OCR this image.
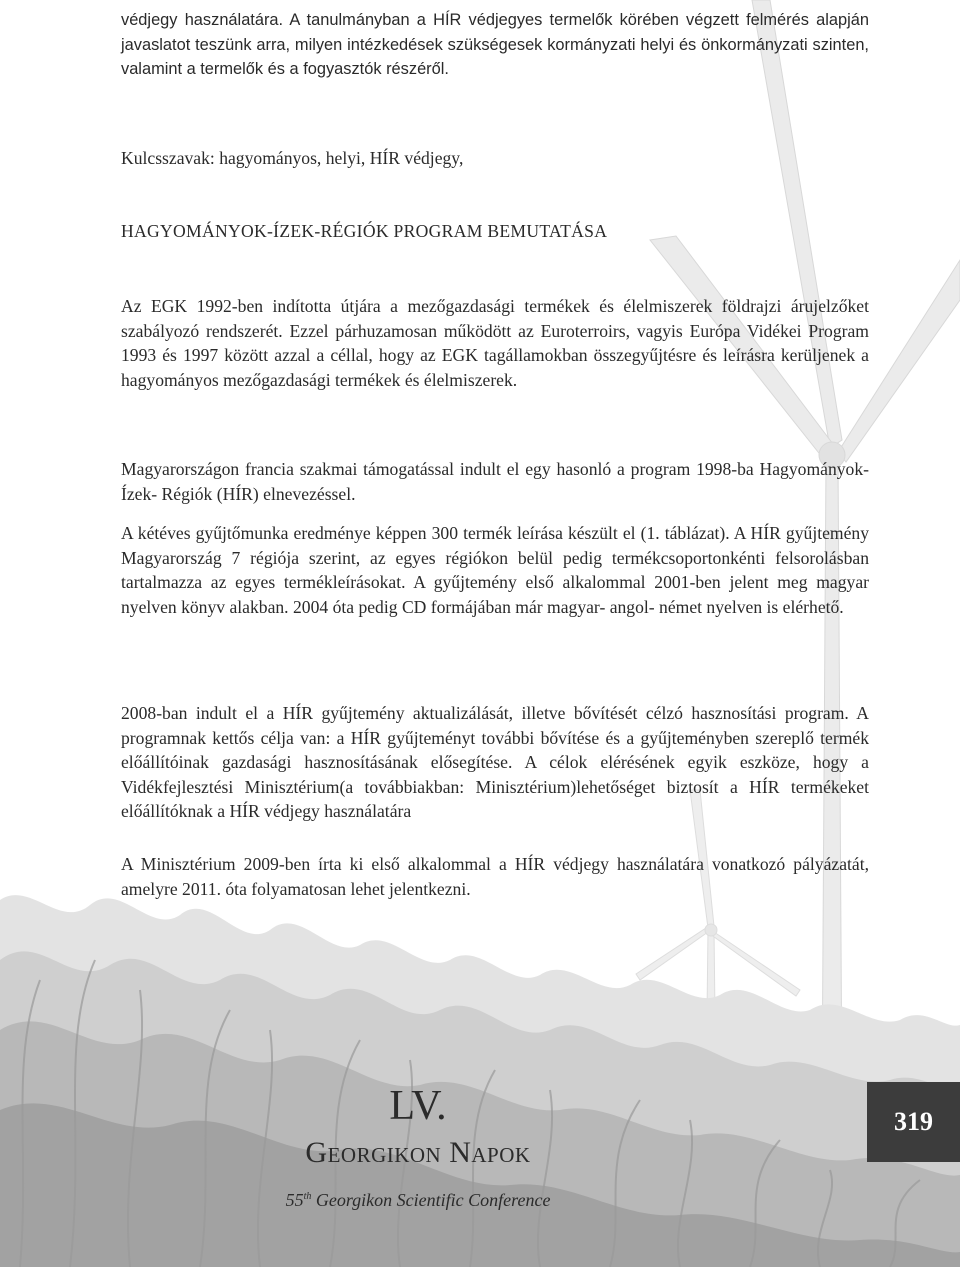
védjegy használatára. A tanulmányban a HÍR védjegyes termelők körében végzett felmérés alapján javaslatot teszünk arra, milyen intézkedések szükségesek kormányzati helyi és önkormányzati szinten, valamint a termelők és a fogyasztók részéről.

Kulcsszavak: hagyományos, helyi, HÍR védjegy,

HAGYOMÁNYOK-ÍZEK-RÉGIÓK PROGRAM BEMUTATÁSA

Az EGK 1992-ben indította útjára a mezőgazdasági termékek és élelmiszerek földrajzi árujelzőket szabályozó rendszerét. Ezzel párhuzamosan működött az Euroterroirs, vagyis Európa Vidékei Program 1993 és 1997 között azzal a céllal, hogy az EGK tagállamokban összegyűjtésre és leírásra kerüljenek a hagyományos mezőgazdasági termékek és élelmiszerek.

Magyarországon francia szakmai támogatással indult el egy hasonló a program 1998-ba Hagyományok- Ízek- Régiók (HÍR) elnevezéssel.

A kétéves gyűjtőmunka eredménye képpen 300 termék leírása készült el (1. táblázat). A HÍR gyűjtemény Magyarország 7 régiója szerint, az egyes régiókon belül pedig termékcsoportonkénti felsorolásban tartalmazza az egyes termékleírásokat. A gyűjtemény első alkalommal 2001-ben jelent meg magyar nyelven könyv alakban. 2004 óta pedig CD formájában már magyar- angol- német nyelven is elérhető.

2008-ban indult el a HÍR gyűjtemény aktualizálását, illetve bővítését célzó hasznosítási program. A programnak kettős célja van: a HÍR gyűjteményt további bővítése és a gyűjteményben szereplő termék előállítóinak gazdasági hasznosításának elősegítése. A célok elérésének egyik eszköze, hogy a Vidékfejlesztési Minisztérium(a továbbiakban: Minisztérium)lehetőséget biztosít a HÍR termékeket előállítóknak a HÍR védjegy használatára

A Minisztérium 2009-ben írta ki első alkalommal a HÍR védjegy használatára vonatkozó pályázatát, amelyre 2011. óta folyamatosan lehet jelentkezni.

LV.

Georgikon Napok

55th Georgikon Scientific Conference

319
